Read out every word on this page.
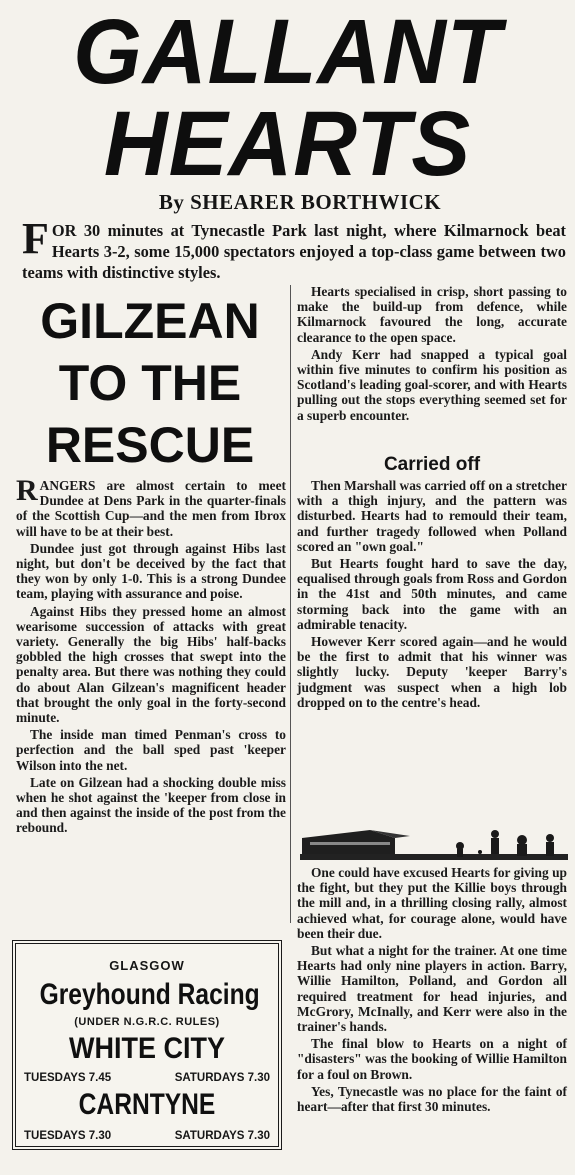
GALLANT
HEARTS
By SHEARER BORTHWICK
F OR 30 minutes at Tynecastle Park last night, where Kilmarnock beat Hearts 3-2, some 15,000 spectators enjoyed a top-class game between two teams with distinctive styles.
GILZEAN
TO THE
RESCUE

RANGERS are almost certain to meet Dundee at Dens Park in the quarter-finals of the Scottish Cup—and the men from Ibrox will have to be at their best.

Dundee just got through against Hibs last night, but don't be deceived by the fact that they won by only 1-0. This is a strong Dundee team, playing with assurance and poise.

Against Hibs they pressed home an almost wearisome succession of attacks with great variety. Generally the big Hibs' half-backs gobbled the high crosses that swept into the penalty area. But there was nothing they could do about Alan Gilzean's magnificent header that brought the only goal in the forty-second minute.

The inside man timed Penman's cross to perfection and the ball sped past 'keeper Wilson into the net.

Late on Gilzean had a shocking double miss when he shot against the 'keeper from close in and then against the inside of the post from the rebound.

Hearts specialised in crisp, short passing to make the build-up from defence, while Kilmarnock favoured the long, accurate clearance to the open space.

Andy Kerr had snapped a typical goal within five minutes to confirm his position as Scotland's leading goal-scorer, and with Hearts pulling out the stops everything seemed set for a superb encounter.

Carried off

Then Marshall was carried off on a stretcher with a thigh injury, and the pattern was disturbed. Hearts had to remould their team, and further tragedy followed when Polland scored an "own goal."

But Hearts fought hard to save the day, equalised through goals from Ross and Gordon in the 41st and 50th minutes, and came storming back into the game with an admirable tenacity.

However Kerr scored again—and he would be the first to admit that his winner was slightly lucky. Deputy 'keeper Barry's judgment was suspect when a high lob dropped on to the centre's head.

One could have excused Hearts for giving up the fight, but they put the Killie boys through the mill and, in a thrilling closing rally, almost achieved what, for courage alone, would have been their due.

But what a night for the trainer. At one time Hearts had only nine players in action. Barry, Willie Hamilton, Polland, and Gordon all required treatment for head injuries, and McGrory, McInally, and Kerr were also in the trainer's hands.

The final blow to Hearts on a night of "disasters" was the booking of Willie Hamilton for a foul on Brown.

Yes, Tynecastle was no place for the faint of heart—after that first 30 minutes.

GLASGOW
Greyhound Racing
(UNDER N.G.R.C. RULES)
WHITE CITY
TUESDAYS 7.45	SATURDAYS 7.30
CARNTYNE
TUESDAYS 7.30	SATURDAYS 7.30
